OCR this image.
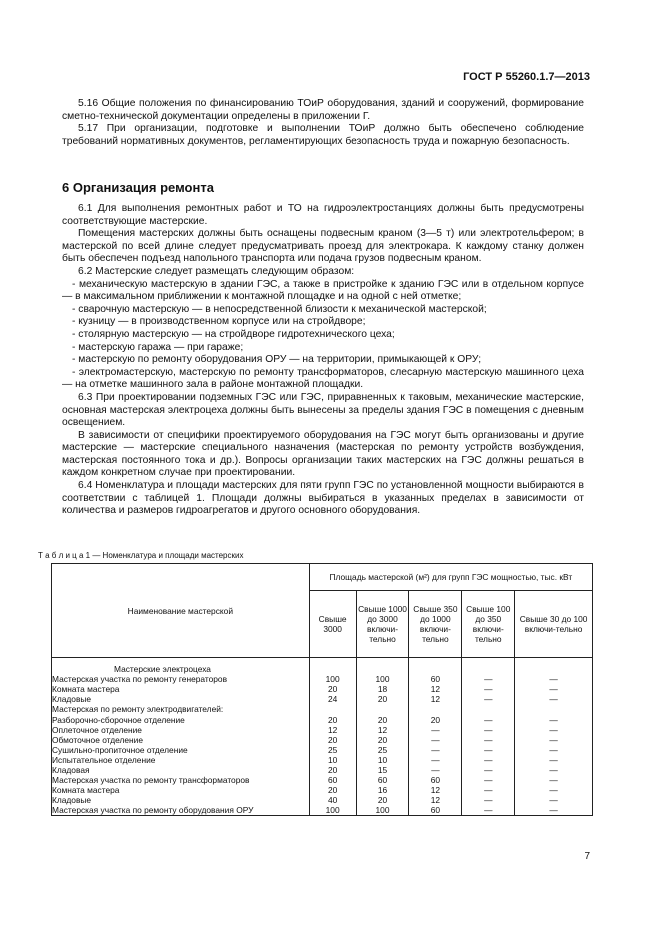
ГОСТ Р 55260.1.7—2013

5.16 Общие положения по финансированию ТОиР оборудования, зданий и сооружений, формирование сметно-технической документации определены в приложении Г.

5.17 При организации, подготовке и выполнении ТОиР должно быть обеспечено соблюдение требований нормативных документов, регламентирующих безопасность труда и пожарную безопасность.

6 Организация ремонта

6.1 Для выполнения ремонтных работ и ТО на гидроэлектростанциях должны быть предусмотрены соответствующие мастерские.

Помещения мастерских должны быть оснащены подвесным краном (3—5 т) или электротельфером; в мастерской по всей длине следует предусматривать проезд для электрокара. К каждому станку должен быть обеспечен подъезд напольного транспорта или подача грузов подвесным краном.

6.2 Мастерские следует размещать следующим образом:

- механическую мастерскую в здании ГЭС, а также в пристройке к зданию ГЭС или в отдельном корпусе — в максимальном приближении к монтажной площадке и на одной с ней отметке;

- сварочную мастерскую — в непосредственной близости к механической мастерской;

- кузницу — в производственном корпусе или на стройдворе;

- столярную мастерскую — на стройдворе гидротехнического цеха;

- мастерскую гаража — при гараже;

- мастерскую по ремонту оборудования ОРУ — на территории, примыкающей к ОРУ;

- электромастерскую, мастерскую по ремонту трансформаторов, слесарную мастерскую машинного цеха — на отметке машинного зала в районе монтажной площадки.

6.3 При проектировании подземных ГЭС или ГЭС, приравненных к таковым, механические мастерские, основная мастерская электроцеха должны быть вынесены за пределы здания ГЭС в помещения с дневным освещением.

В зависимости от специфики проектируемого оборудования на ГЭС могут быть организованы и другие мастерские — мастерские специального назначения (мастерская по ремонту устройств возбуждения, мастерская постоянного тока и др.). Вопросы организации таких мастерских на ГЭС должны решаться в каждом конкретном случае при проектировании.

6.4 Номенклатура и площади мастерских для пяти групп ГЭС по установленной мощности выбираются в соответствии с таблицей 1. Площади должны выбираться в указанных пределах в зависимости от количества и размеров гидроагрегатов и другого основного оборудования.

Т а б л и ц а 1 — Номенклатура и площади мастерских
Наименование мастерской	Площадь мастерской (м²) для групп ГЭС мощностью, тыс. кВт				
	Свыше 3000	Свыше 1000 до 3000 включи-тельно	Свыше 350 до 1000 включи-тельно	Свыше 100 до 350 включи-тельно	Свыше 30 до 100 включи-тельно
Мастерские электроцеха					
Мастерская участка по ремонту генераторов	100	100	60	—	—
Комната мастера	20	18	12	—	—
Кладовые	24	20	12	—	—
Мастерская по ремонту электродвигателей:					
Разборочно-сборочное отделение	20	20	20	—	—
Оплеточное отделение	12	12	—	—	—
Обмоточное отделение	20	20	—	—	—
Сушильно-пропиточное отделение	25	25	—	—	—
Испытательное отделение	10	10	—	—	—
Кладовая	20	15	—	—	—
Мастерская участка по ремонту трансформаторов	60	60	60	—	—
Комната мастера	20	16	12	—	—
Кладовые	40	20	12	—	—
Мастерская участка по ремонту оборудования ОРУ	100	100	60	—	—
7
